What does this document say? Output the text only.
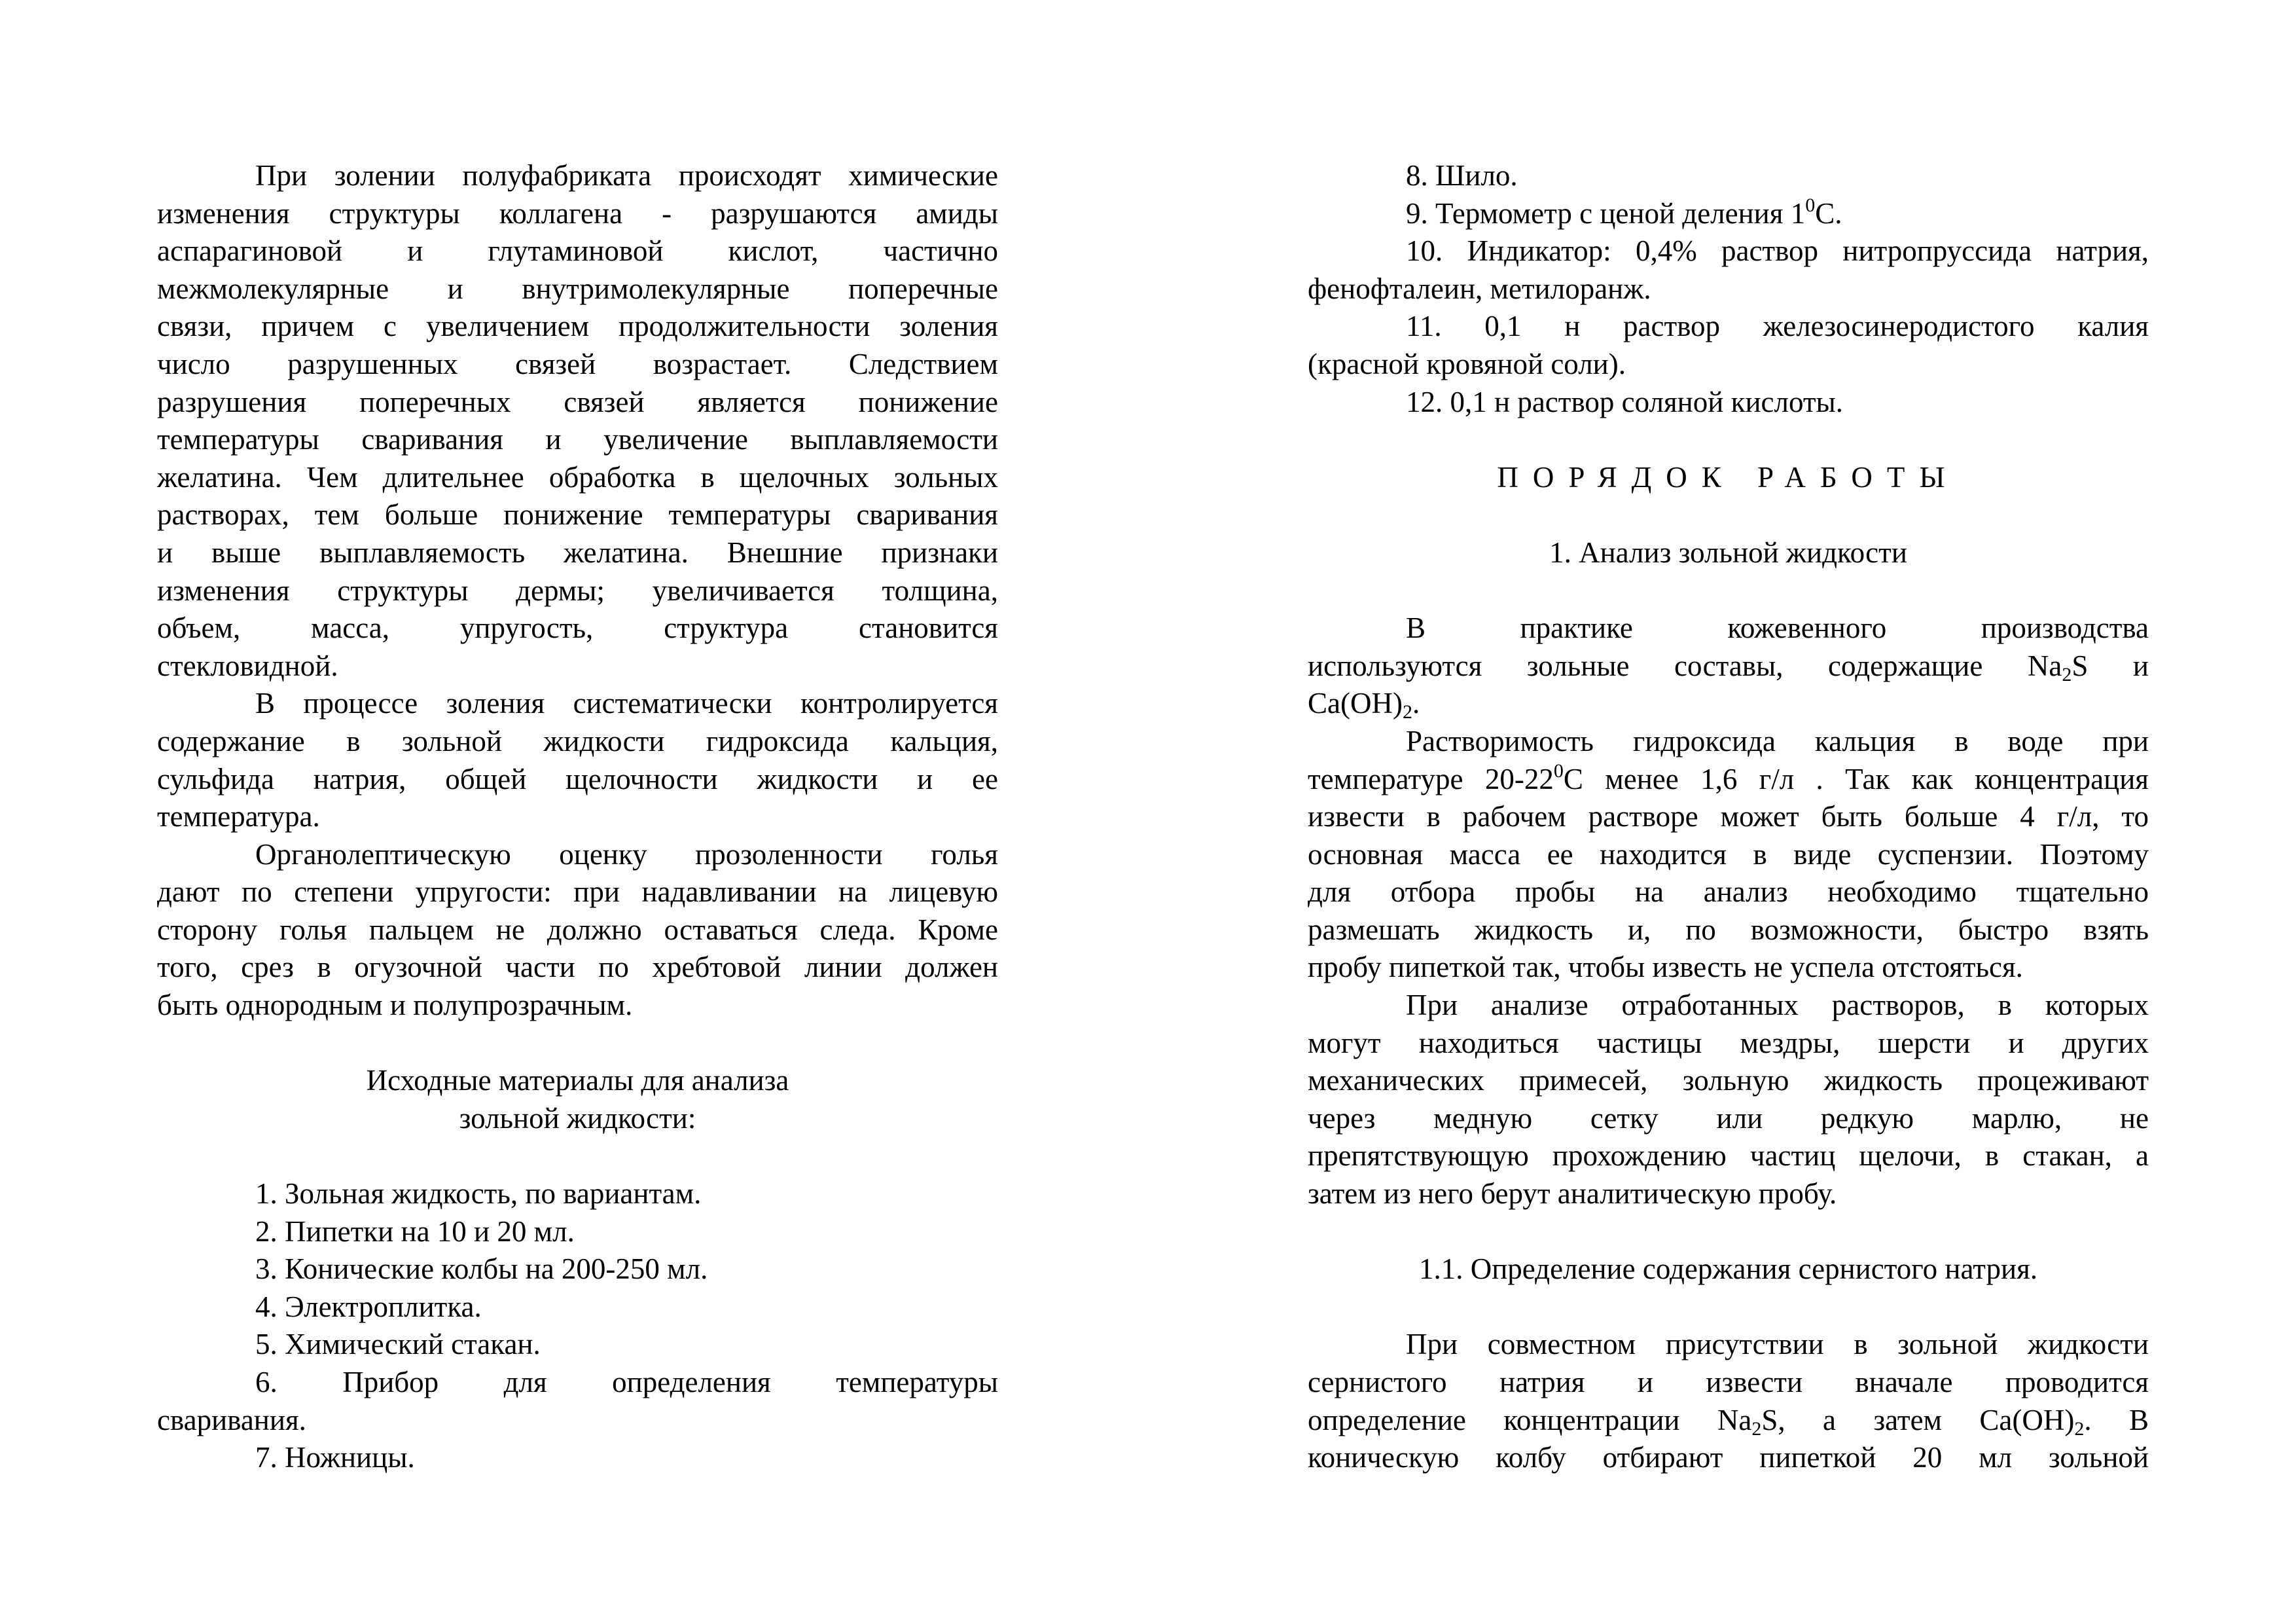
При золении полуфабриката происходят химические

изменения структуры коллагена - разрушаются амиды

аспарагиновой и глутаминовой кислот, частично

межмолекулярные и внутримолекулярные поперечные

связи, причем с увеличением продолжительности золения

число разрушенных связей возрастает. Следствием

разрушения поперечных связей является понижение

температуры сваривания и увеличение выплавляемости

желатина. Чем длительнее обработка в щелочных зольных

растворах, тем больше понижение температуры сваривания

и выше выплавляемость желатина. Внешние признаки

изменения структуры дермы; увеличивается толщина,

объем, масса, упругость, структура становится

стекловидной.

В процессе золения систематически контролируется

содержание в зольной жидкости гидроксида кальция,

сульфида натрия, общей щелочности жидкости и ее

температура.

Органолептическую оценку прозоленности голья

дают по степени упругости: при надавливании на лицевую

сторону голья пальцем не должно оставаться следа. Кроме

того, срез в огузочной части по хребтовой линии должен

быть однородным и полупрозрачным.

Исходные материалы для анализа

зольной жидкости:

1. Зольная жидкость, по вариантам.

2. Пипетки на 10 и 20 мл.

3. Конические колбы на 200-250 мл.

4. Электроплитка.

5. Химический стакан.

6. Прибор для определения температуры

сваривания.

7. Ножницы.

8. Шило.

9. Термометр с ценой деления $1^0С$.

10. Индикатор: 0,4% раствор нитропруссида натрия,

фенофталеин, метилоранж.

11. 0,1 н раствор железосинеродистого калия

(красной кровяной соли).

12. 0,1 н раствор соляной кислоты.

ПОРЯДОК РАБОТЫ

1. Анализ зольной жидкости

В практике кожевенного производства

используются зольные составы, содержащие $Na_2S$ и

$Ca(OH)_2$.

Растворимость гидроксида кальция в воде при

температуре $20-22^0С$ менее 1,6 г/л . Так как концентрация

извести в рабочем растворе может быть больше 4 г/л, то

основная масса ее находится в виде суспензии. Поэтому

для отбора пробы на анализ необходимо тщательно

размешать жидкость и, по возможности, быстро взять

пробу пипеткой так, чтобы известь не успела отстояться.

При анализе отработанных растворов, в которых

могут находиться частицы мездры, шерсти и других

механических примесей, зольную жидкость процеживают

через медную сетку или редкую марлю, не

препятствующую прохождению частиц щелочи, в стакан, а

затем из него берут аналитическую пробу.

1.1. Определение содержания сернистого натрия.

При совместном присутствии в зольной жидкости

сернистого натрия и извести вначале проводится

определение концентрации $Na_2S$, а затем $Ca(OH)_2$. В

коническую колбу отбирают пипеткой 20 мл зольной
